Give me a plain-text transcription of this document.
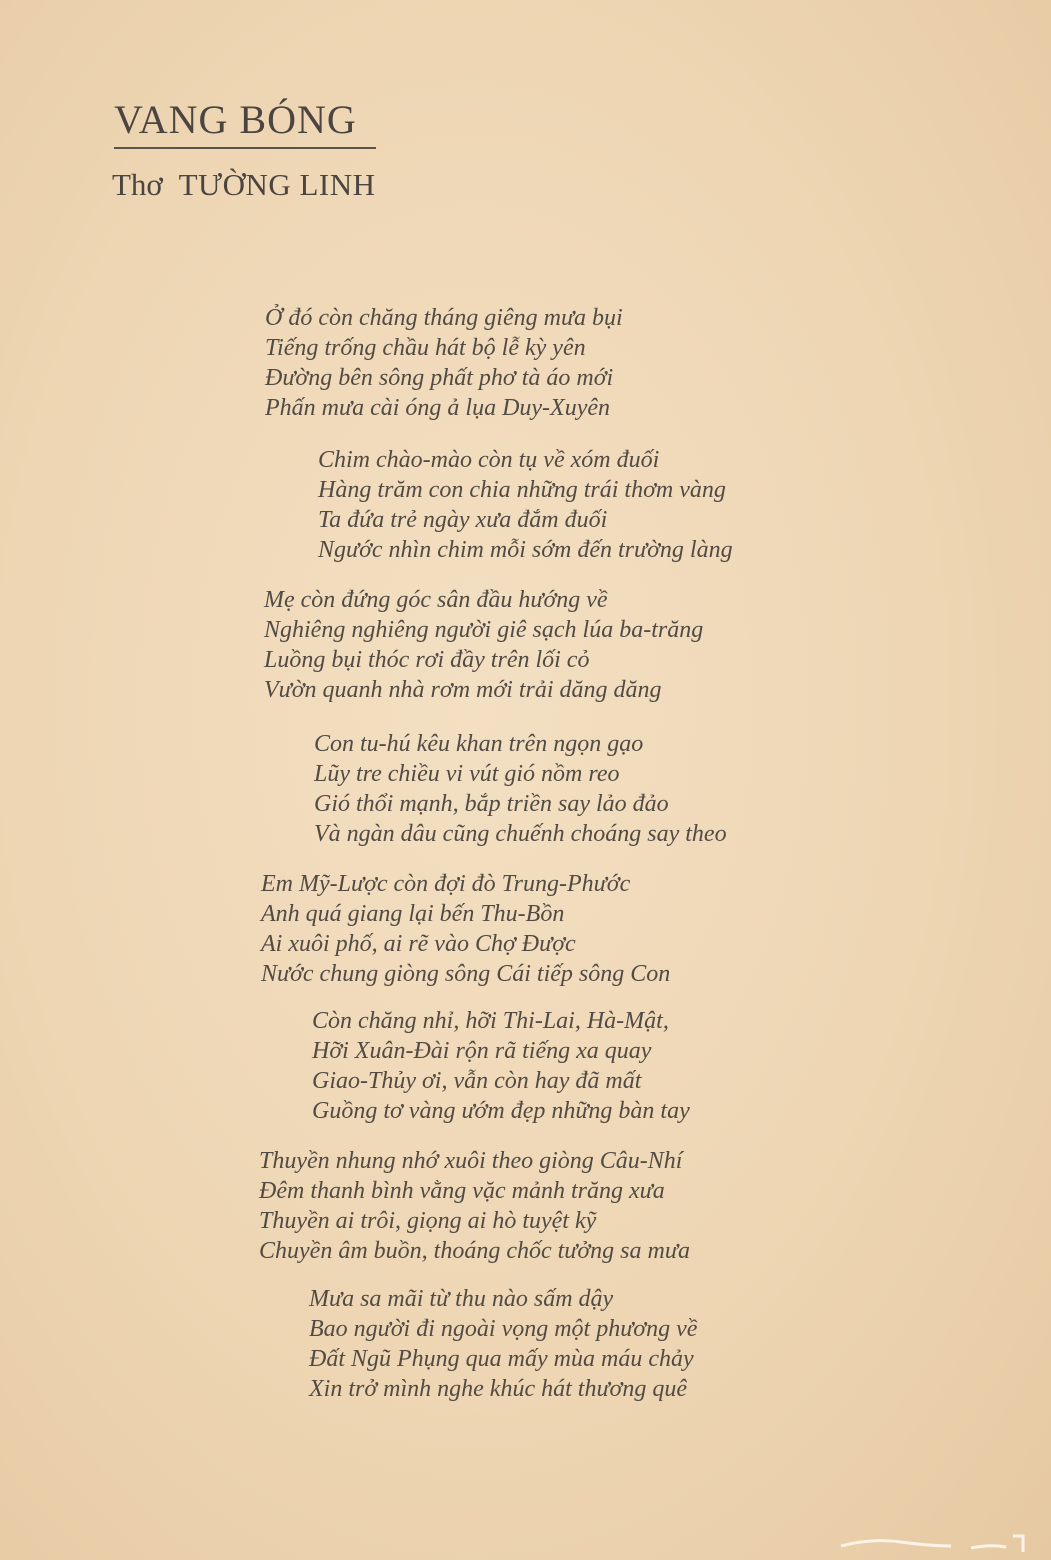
VANG BÓNG
Thơ TƯỜNG LINH
Ở đó còn chăng tháng giêng mưa bụi
Tiếng trống chầu hát bộ lễ kỳ yên
Đường bên sông phất phơ tà áo mới
Phấn mưa cài óng ả lụa Duy-Xuyên
Chim chào-mào còn tụ về xóm đuối
Hàng trăm con chia những trái thơm vàng
Ta đứa trẻ ngày xưa đắm đuối
Ngước nhìn chim mỗi sớm đến trường làng
Mẹ còn đứng góc sân đầu hướng về
Nghiêng nghiêng người giê sạch lúa ba-trăng
Luồng bụi thóc rơi đầy trên lối cỏ
Vườn quanh nhà rơm mới trải dăng dăng
Con tu-hú kêu khan trên ngọn gạo
Lũy tre chiều vi vút gió nồm reo
Gió thổi mạnh, bắp triền say lảo đảo
Và ngàn dâu cũng chuếnh choáng say theo
Em Mỹ-Lược còn đợi đò Trung-Phước
Anh quá giang lại bến Thu-Bồn
Ai xuôi phố, ai rẽ vào Chợ Được
Nước chung giòng sông Cái tiếp sông Con
Còn chăng nhỉ, hỡi Thi-Lai, Hà-Mật,
Hỡi Xuân-Đài rộn rã tiếng xa quay
Giao-Thủy ơi, vẫn còn hay đã mất
Guồng tơ vàng ướm đẹp những bàn tay
Thuyền nhung nhớ xuôi theo giòng Câu-Nhí
Đêm thanh bình vằng vặc mảnh trăng xưa
Thuyền ai trôi, giọng ai hò tuyệt kỹ
Chuyền âm buồn, thoáng chốc tưởng sa mưa
Mưa sa mãi từ thu nào sấm dậy
Bao người đi ngoài vọng một phương về
Đất Ngũ Phụng qua mấy mùa máu chảy
Xin trở mình nghe khúc hát thương quê
